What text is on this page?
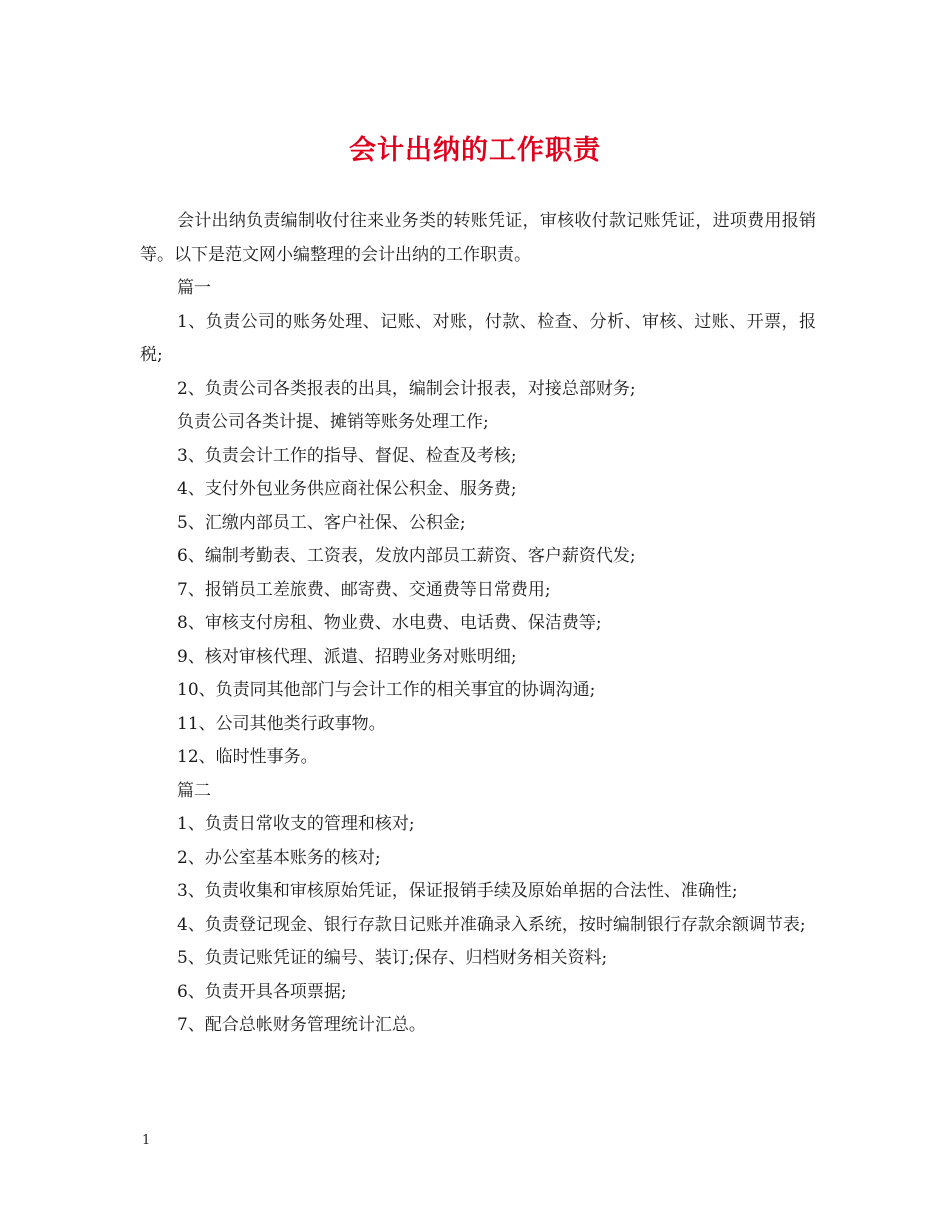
会计出纳的工作职责

会计出纳负责编制收付往来业务类的转账凭证，审核收付款记账凭证，进项费用报销等。以下是范文网小编整理的会计出纳的工作职责。

篇一

1、负责公司的账务处理、记账、对账，付款、检查、分析、审核、过账、开票，报税;

2、负责公司各类报表的出具，编制会计报表，对接总部财务;

负责公司各类计提、摊销等账务处理工作;

3、负责会计工作的指导、督促、检查及考核;

4、支付外包业务供应商社保公积金、服务费;

5、汇缴内部员工、客户社保、公积金;

6、编制考勤表、工资表，发放内部员工薪资、客户薪资代发;

7、报销员工差旅费、邮寄费、交通费等日常费用;

8、审核支付房租、物业费、水电费、电话费、保洁费等;

9、核对审核代理、派遣、招聘业务对账明细;

10、负责同其他部门与会计工作的相关事宜的协调沟通;

11、公司其他类行政事物。

12、临时性事务。

篇二

1、负责日常收支的管理和核对;

2、办公室基本账务的核对;

3、负责收集和审核原始凭证，保证报销手续及原始单据的合法性、准确性;

4、负责登记现金、银行存款日记账并准确录入系统，按时编制银行存款余额调节表;

5、负责记账凭证的编号、装订;保存、归档财务相关资料;

6、负责开具各项票据;

7、配合总帐财务管理统计汇总。

1
